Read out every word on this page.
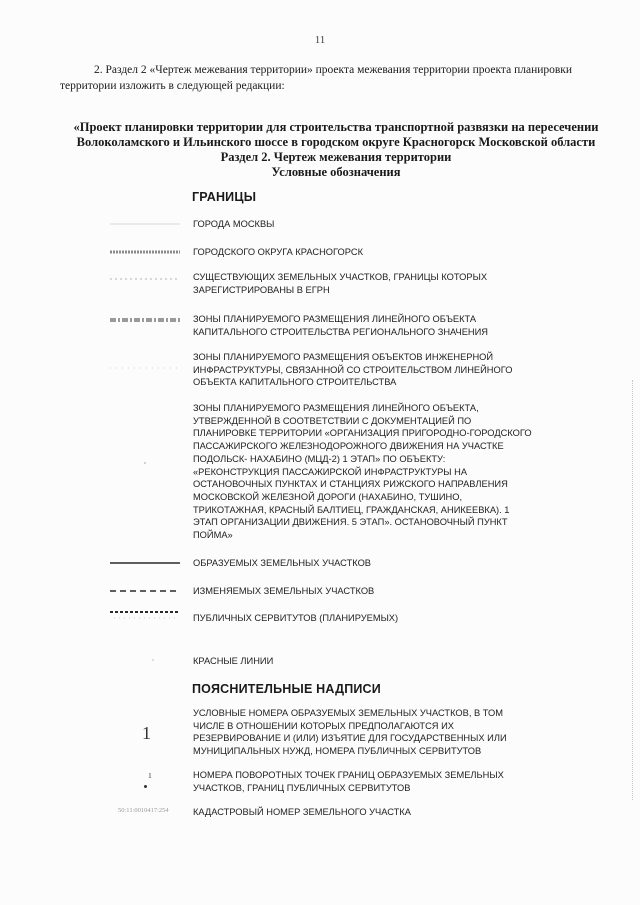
11
2. Раздел 2 «Чертеж межевания территории» проекта межевания территории проекта планировки территории изложить в следующей редакции:
«Проект планировки территории для строительства транспортной развязки на пересечении
Волоколамского и Ильинского шоссе в городском округе Красногорск Московской области
Раздел 2. Чертеж межевания территории
Условные обозначения
ГРАНИЦЫ
ГОРОДА МОСКВЫ
ГОРОДСКОГО ОКРУГА КРАСНОГОРСК
СУЩЕСТВУЮЩИХ ЗЕМЕЛЬНЫХ УЧАСТКОВ, ГРАНИЦЫ КОТОРЫХ ЗАРЕГИСТРИРОВАНЫ В ЕГРН
ЗОНЫ ПЛАНИРУЕМОГО РАЗМЕЩЕНИЯ ЛИНЕЙНОГО ОБЪЕКТА КАПИТАЛЬНОГО СТРОИТЕЛЬСТВА РЕГИОНАЛЬНОГО ЗНАЧЕНИЯ
ЗОНЫ ПЛАНИРУЕМОГО РАЗМЕЩЕНИЯ ОБЪЕКТОВ ИНЖЕНЕРНОЙ ИНФРАСТРУКТУРЫ, СВЯЗАННОЙ СО СТРОИТЕЛЬСТВОМ ЛИНЕЙНОГО ОБЪЕКТА КАПИТАЛЬНОГО СТРОИТЕЛЬСТВА
ЗОНЫ ПЛАНИРУЕМОГО РАЗМЕЩЕНИЯ ЛИНЕЙНОГО ОБЪЕКТА, УТВЕРЖДЕННОЙ В СООТВЕТСТВИИ С ДОКУМЕНТАЦИЕЙ ПО ПЛАНИРОВКЕ ТЕРРИТОРИИ «ОРГАНИЗАЦИЯ ПРИГОРОДНО-ГОРОДСКОГО ПАССАЖИРСКОГО ЖЕЛЕЗНОДОРОЖНОГО ДВИЖЕНИЯ НА УЧАСТКЕ ПОДОЛЬСК- НАХАБИНО (МЦД-2) 1 ЭТАП» ПО ОБЪЕКТУ: «РЕКОНСТРУКЦИЯ ПАССАЖИРСКОЙ ИНФРАСТРУКТУРЫ НА ОСТАНОВОЧНЫХ ПУНКТАХ И СТАНЦИЯХ РИЖСКОГО НАПРАВЛЕНИЯ МОСКОВСКОЙ ЖЕЛЕЗНОЙ ДОРОГИ (НАХАБИНО, ТУШИНО, ТРИКОТАЖНАЯ, КРАСНЫЙ БАЛТИЕЦ, ГРАЖДАНСКАЯ, АНИКЕЕВКА). 1 ЭТАП ОРГАНИЗАЦИИ ДВИЖЕНИЯ. 5 ЭТАП». ОСТАНОВОЧНЫЙ ПУНКТ ПОЙМА»
ОБРАЗУЕМЫХ ЗЕМЕЛЬНЫХ УЧАСТКОВ
ИЗМЕНЯЕМЫХ ЗЕМЕЛЬНЫХ УЧАСТКОВ
ПУБЛИЧНЫХ СЕРВИТУТОВ (ПЛАНИРУЕМЫХ)
КРАСНЫЕ ЛИНИИ
ПОЯСНИТЕЛЬНЫЕ НАДПИСИ
1
УСЛОВНЫЕ НОМЕРА ОБРАЗУЕМЫХ ЗЕМЕЛЬНЫХ УЧАСТКОВ, В ТОМ ЧИСЛЕ В ОТНОШЕНИИ КОТОРЫХ ПРЕДПОЛАГАЮТСЯ ИХ РЕЗЕРВИРОВАНИЕ И (ИЛИ) ИЗЪЯТИЕ ДЛЯ ГОСУДАРСТВЕННЫХ ИЛИ МУНИЦИПАЛЬНЫХ НУЖД, НОМЕРА ПУБЛИЧНЫХ СЕРВИТУТОВ
$^1$	НОМЕРА ПОВОРОТНЫХ ТОЧЕК ГРАНИЦ ОБРАЗУЕМЫХ ЗЕМЕЛЬНЫХ УЧАСТКОВ, ГРАНИЦ ПУБЛИЧНЫХ СЕРВИТУТОВ
50:11:0010417:254	КАДАСТРОВЫЙ НОМЕР ЗЕМЕЛЬНОГО УЧАСТКА
